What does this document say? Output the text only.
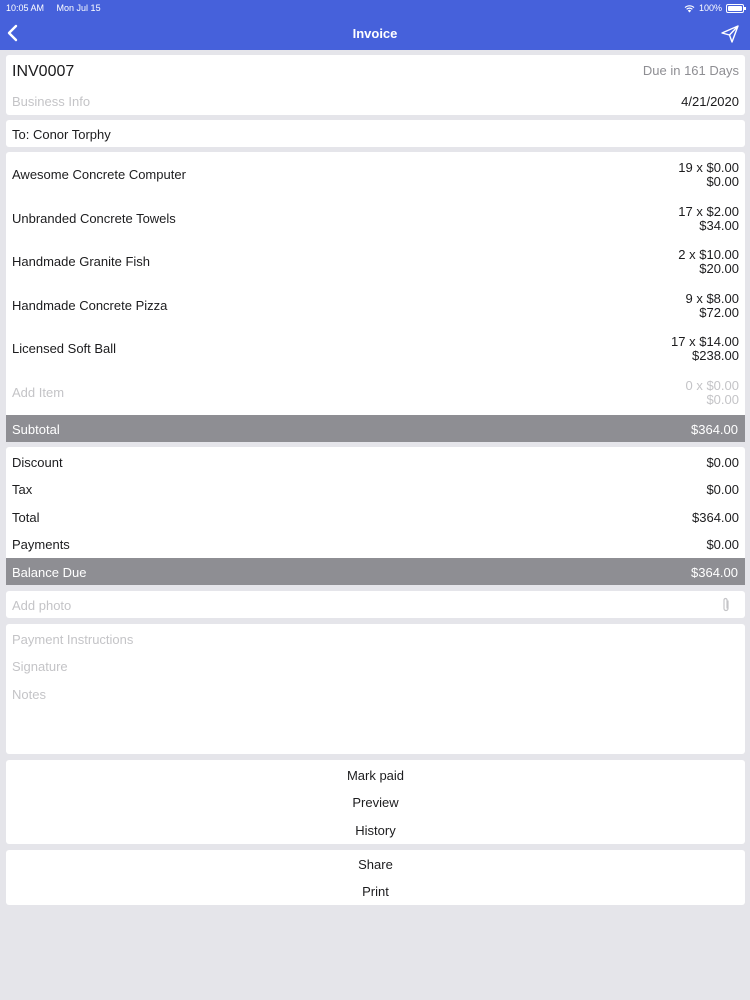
10:05 AM Mon Jul 15	100%
Invoice
INV0007	Due in 161 Days
Business Info	4/21/2020
To: Conor Torphy
Awesome Concrete Computer	19 x $0.00
$0.00
Unbranded Concrete Towels	17 x $2.00
$34.00
Handmade Granite Fish	2 x $10.00
$20.00
Handmade Concrete Pizza	9 x $8.00
$72.00
Licensed Soft Ball	17 x $14.00
$238.00
Add Item	0 x $0.00
$0.00
Subtotal	$364.00
Discount	$0.00
Tax	$0.00
Total	$364.00
Payments	$0.00
Balance Due	$364.00
Add photo
Payment Instructions
Signature
Notes
Mark paid
Preview
History
Share
Print
